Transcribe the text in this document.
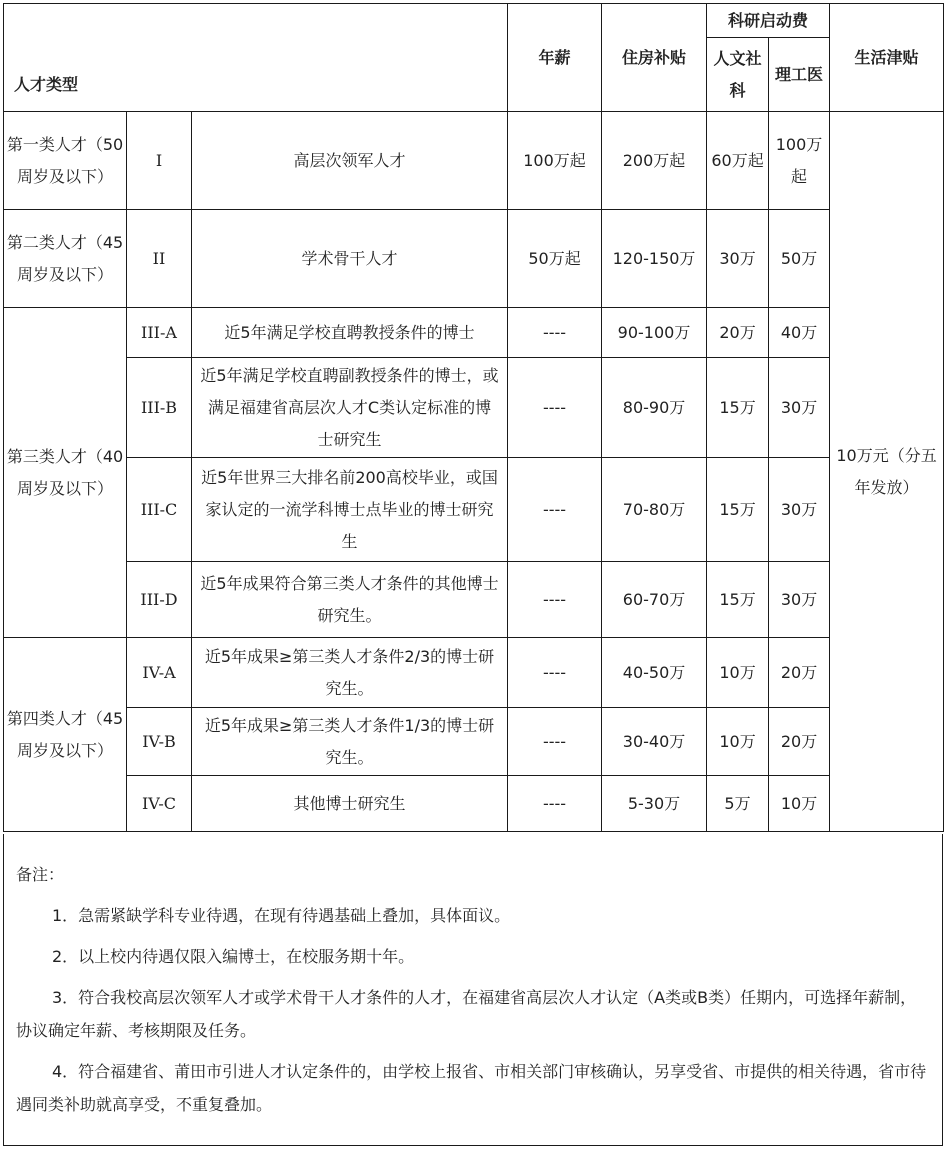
人才类型			年薪	住房补贴	科研启动费		生活津贴
					人文社科	理工医	
第一类人才（50周岁及以下）	I	高层次领军人才	100万起	200万起	60万起	100万起	10万元（分五年发放）
第二类人才（45周岁及以下）	II	学术骨干人才	50万起	120-150万	30万	50万	
第三类人才（40周岁及以下）	III-A	近5年满足学校直聘教授条件的博士	----	90-100万	20万	40万	
	III-B	近5年满足学校直聘副教授条件的博士，或满足福建省高层次人才C类认定标准的博士研究生	----	80-90万	15万	30万	
	III-C	近5年世界三大排名前200高校毕业，或国家认定的一流学科博士点毕业的博士研究生	----	70-80万	15万	30万	
	III-D	近5年成果符合第三类人才条件的其他博士研究生。	----	60-70万	15万	30万	
第四类人才（45周岁及以下）	IV-A	近5年成果≥第三类人才条件2/3的博士研究生。	----	40-50万	10万	20万	
	IV-B	近5年成果≥第三类人才条件1/3的博士研究生。	----	30-40万	10万	20万	
	IV-C	其他博士研究生	----	5-30万	5万	10万	
备注：

1．急需紧缺学科专业待遇，在现有待遇基础上叠加，具体面议。

2．以上校内待遇仅限入编博士，在校服务期十年。

3．符合我校高层次领军人才或学术骨干人才条件的人才，在福建省高层次人才认定（A类或B类）任期内，可选择年薪制，协议确定年薪、考核期限及任务。

4．符合福建省、莆田市引进人才认定条件的，由学校上报省、市相关部门审核确认，另享受省、市提供的相关待遇，省市待遇同类补助就高享受，不重复叠加。
